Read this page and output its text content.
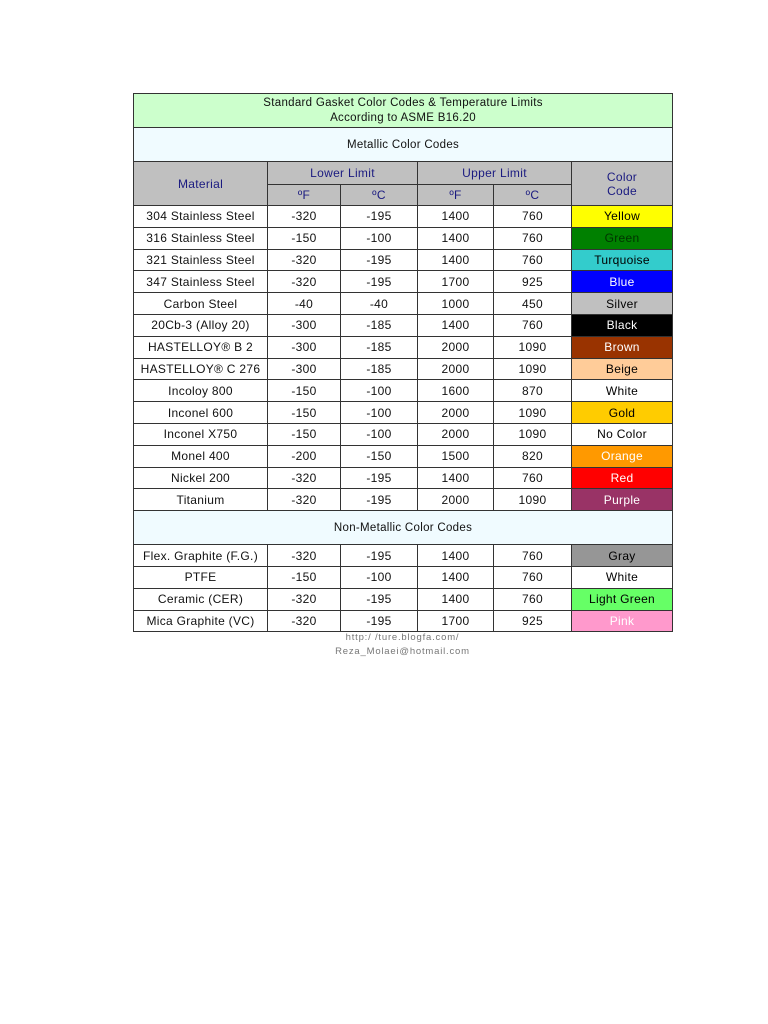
Standard Gasket Color Codes & Temperature Limits
According to ASME B16.20					

Metallic Color Codes					
Material	Lower Limit		Upper Limit		Color
Code

	ºF	ºC	ºF	ºC	
304 Stainless Steel	-320	-195	1400	760	Yellow
316 Stainless Steel	-150	-100	1400	760	Green
321 Stainless Steel	-320	-195	1400	760	Turquoise
347 Stainless Steel	-320	-195	1700	925	Blue
Carbon Steel	-40	-40	1000	450	Silver
20Cb-3 (Alloy 20)	-300	-185	1400	760	Black
HASTELLOY® B 2	-300	-185	2000	1090	Brown
HASTELLOY® C 276	-300	-185	2000	1090	Beige
Incoloy 800	-150	-100	1600	870	White
Inconel 600	-150	-100	2000	1090	Gold
Inconel X750	-150	-100	2000	1090	No Color
Monel 400	-200	-150	1500	820	Orange
Nickel 200	-320	-195	1400	760	Red
Titanium	-320	-195	2000	1090	Purple
Non-Metallic Color Codes					
Flex. Graphite (F.G.)	-320	-195	1400	760	Gray
PTFE	-150	-100	1400	760	White
Ceramic (CER)	-320	-195	1400	760	Light Green
Mica Graphite (VC)	-320	-195	1700	925	Pink
http:/ /ture.blogfa.com/
Reza_Molaei@hotmail.com
